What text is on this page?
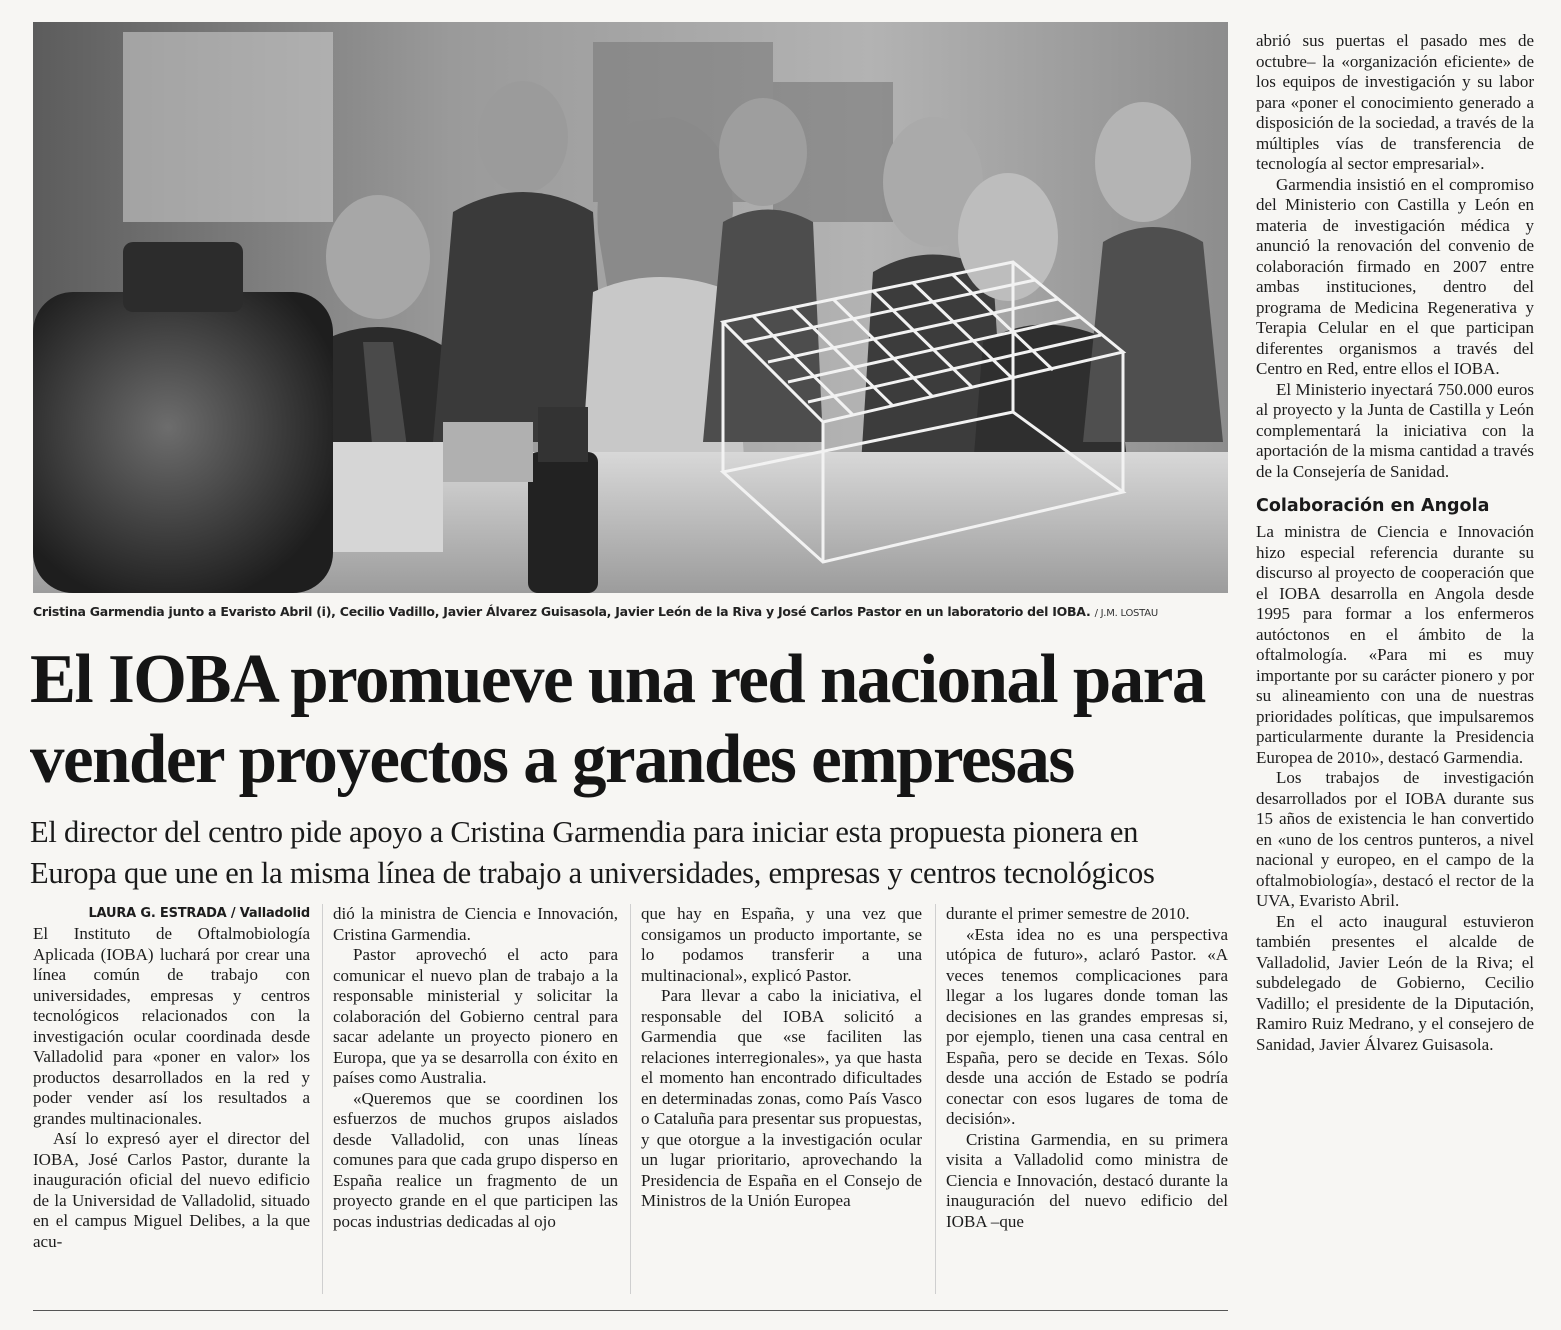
Cristina Garmendia junto a Evaristo Abril (i), Cecilio Vadillo, Javier Álvarez Guisasola, Javier León de la Riva y José Carlos Pastor en un laboratorio del IOBA. / J.M. LOSTAU
El IOBA promueve una red nacional para
vender proyectos a grandes empresas
El director del centro pide apoyo a Cristina Garmendia para iniciar esta propuesta pionera en
Europa que une en la misma línea de trabajo a universidades, empresas y centros tecnológicos

LAURA G. ESTRADA / Valladolid

El Instituto de Oftalmobiología Aplicada (IOBA) luchará por crear una línea común de trabajo con universidades, empresas y centros tecnológicos relacionados con la investigación ocular coordinada desde Valladolid para «poner en valor» los productos desarrollados en la red y poder vender así los resultados a grandes multinacionales.

Así lo expresó ayer el director del IOBA, José Carlos Pastor, durante la inauguración oficial del nuevo edificio de la Universidad de Valladolid, situado en el campus Miguel Delibes, a la que acu-

dió la ministra de Ciencia e Innovación, Cristina Garmendia.

Pastor aprovechó el acto para comunicar el nuevo plan de trabajo a la responsable ministerial y solicitar la colaboración del Gobierno central para sacar adelante un proyecto pionero en Europa, que ya se desarrolla con éxito en países como Australia.

«Queremos que se coordinen los esfuerzos de muchos grupos aislados desde Valladolid, con unas líneas comunes para que cada grupo disperso en España realice un fragmento de un proyecto grande en el que participen las pocas industrias dedicadas al ojo

que hay en España, y una vez que consigamos un producto importante, se lo podamos transferir a una multinacional», explicó Pastor.

Para llevar a cabo la iniciativa, el responsable del IOBA solicitó a Garmendia que «se faciliten las relaciones interregionales», ya que hasta el momento han encontrado dificultades en determinadas zonas, como País Vasco o Cataluña para presentar sus propuestas, y que otorgue a la investigación ocular un lugar prioritario, aprovechando la Presidencia de España en el Consejo de Ministros de la Unión Europea

durante el primer semestre de 2010.

«Esta idea no es una perspectiva utópica de futuro», aclaró Pastor. «A veces tenemos complicaciones para llegar a los lugares donde toman las decisiones en las grandes empresas si, por ejemplo, tienen una casa central en España, pero se decide en Texas. Sólo desde una acción de Estado se podría conectar con esos lugares de toma de decisión».

Cristina Garmendia, en su primera visita a Valladolid como ministra de Ciencia e Innovación, destacó durante la inauguración del nuevo edificio del IOBA –que

abrió sus puertas el pasado mes de octubre– la «organización eficiente» de los equipos de investigación y su labor para «poner el conocimiento generado a disposición de la sociedad, a través de la múltiples vías de transferencia de tecnología al sector empresarial».

Garmendia insistió en el compromiso del Ministerio con Castilla y León en materia de investigación médica y anunció la renovación del convenio de colaboración firmado en 2007 entre ambas instituciones, dentro del programa de Medicina Regenerativa y Terapia Celular en el que participan diferentes organismos a través del Centro en Red, entre ellos el IOBA.

El Ministerio inyectará 750.000 euros al proyecto y la Junta de Castilla y León complementará la iniciativa con la aportación de la misma cantidad a través de la Consejería de Sanidad.

Colaboración en Angola

La ministra de Ciencia e Innovación hizo especial referencia durante su discurso al proyecto de cooperación que el IOBA desarrolla en Angola desde 1995 para formar a los enfermeros autóctonos en el ámbito de la oftalmología. «Para mi es muy importante por su carácter pionero y por su alineamiento con una de nuestras prioridades políticas, que impulsaremos particularmente durante la Presidencia Europea de 2010», destacó Garmendia.

Los trabajos de investigación desarrollados por el IOBA durante sus 15 años de existencia le han convertido en «uno de los centros punteros, a nivel nacional y europeo, en el campo de la oftalmobiología», destacó el rector de la UVA, Evaristo Abril.

En el acto inaugural estuvieron también presentes el alcalde de Valladolid, Javier León de la Riva; el subdelegado de Gobierno, Cecilio Vadillo; el presidente de la Diputación, Ramiro Ruiz Medrano, y el consejero de Sanidad, Javier Álvarez Guisasola.
